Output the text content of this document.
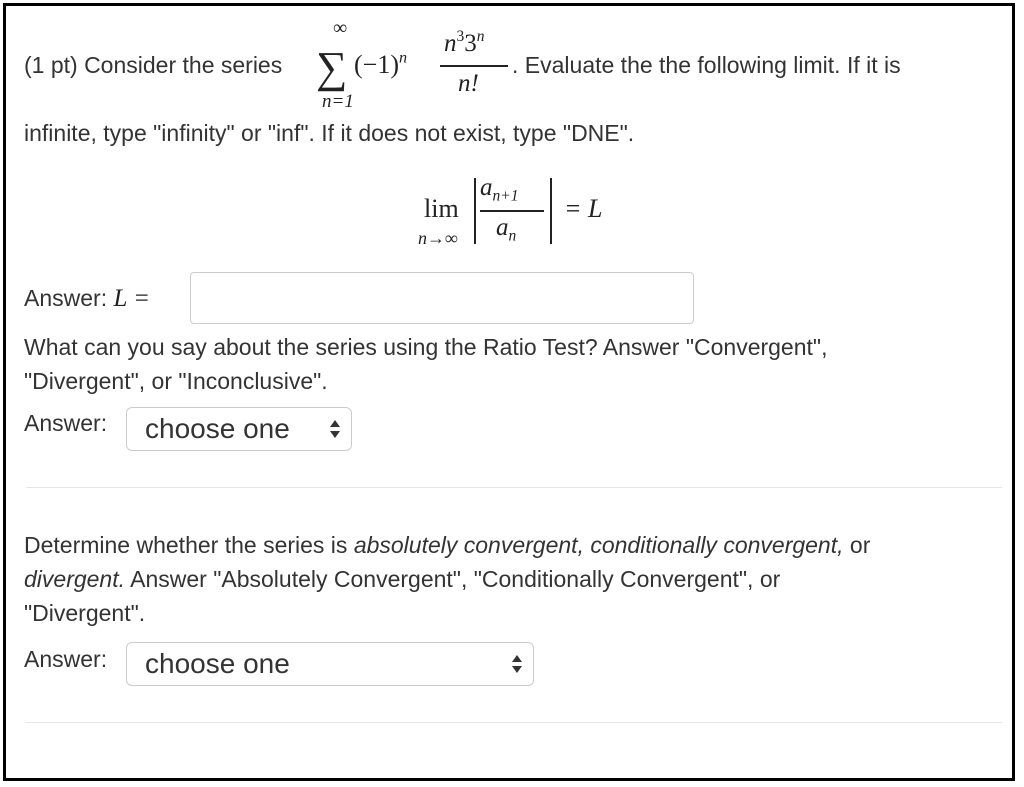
(1 pt) Consider the series
∞
∑
n=1
$(-1)^n$
$n^33^n$
n!
. Evaluate the the following limit. If it is
infinite, type "infinity" or "inf". If it does not exist, type "DNE".
lim
n→∞
$a_{n+1}$
$a_n$
= L
Answer: L =
What can you say about the series using the Ratio Test? Answer "Convergent",
"Divergent", or "Inconclusive".
Answer: choose one
Determine whether the series is absolutely convergent, conditionally convergent, or
divergent. Answer "Absolutely Convergent", "Conditionally Convergent", or
"Divergent".
Answer: choose one
